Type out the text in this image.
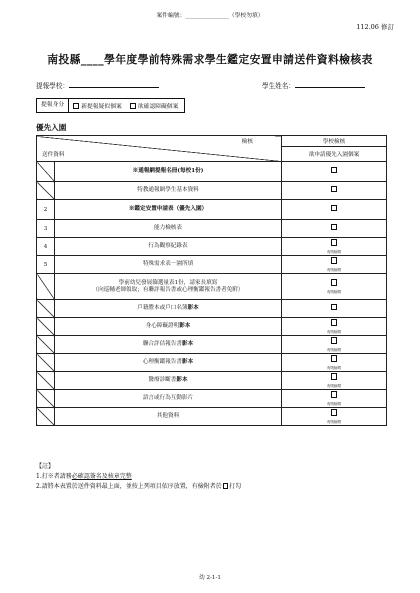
案件編號：_______________（學校勿填）
112.06 修訂
南投縣____學年度學前特殊需求學生鑑定安置申請送件資料檢核表
提報學校：	學生姓名：
提報身分	新提報疑似個案	欲確認障礙個案
優先入園
檢核
送件資料		學校檢核
		欲申請優先入園個案

	※通報網提報名冊(每校1份)	

	特教通報網學生基本資料	

2	※鑑定安置申請表（優先入園）	

3	能力檢核表	

4	行為觀察紀錄表	有則檢附

5	特殊需求表－園所填	有則檢附

	學前幼兒發展篩選量表1份，請家長填寫
（向巡輔老師領取；有聯評報告書或心理衡鑑報告書者免附）	有則檢附

	戶籍謄本或戶口名簿影本	

	身心障礙證明影本	有則檢附

	聯合評估報告書影本	有則檢附

	心理衡鑑報告書影本	有則檢附

	醫療診斷書影本	有則檢附

	語言或行為互動影片	有則檢附

	其他資料	有則檢附
【註】
1.打※者請務必確認簽名及核章完整
2.請將本表置於送件資料最上面，並按上列項目依序放置，有檢附者於 打勾
幼 2-1-1
